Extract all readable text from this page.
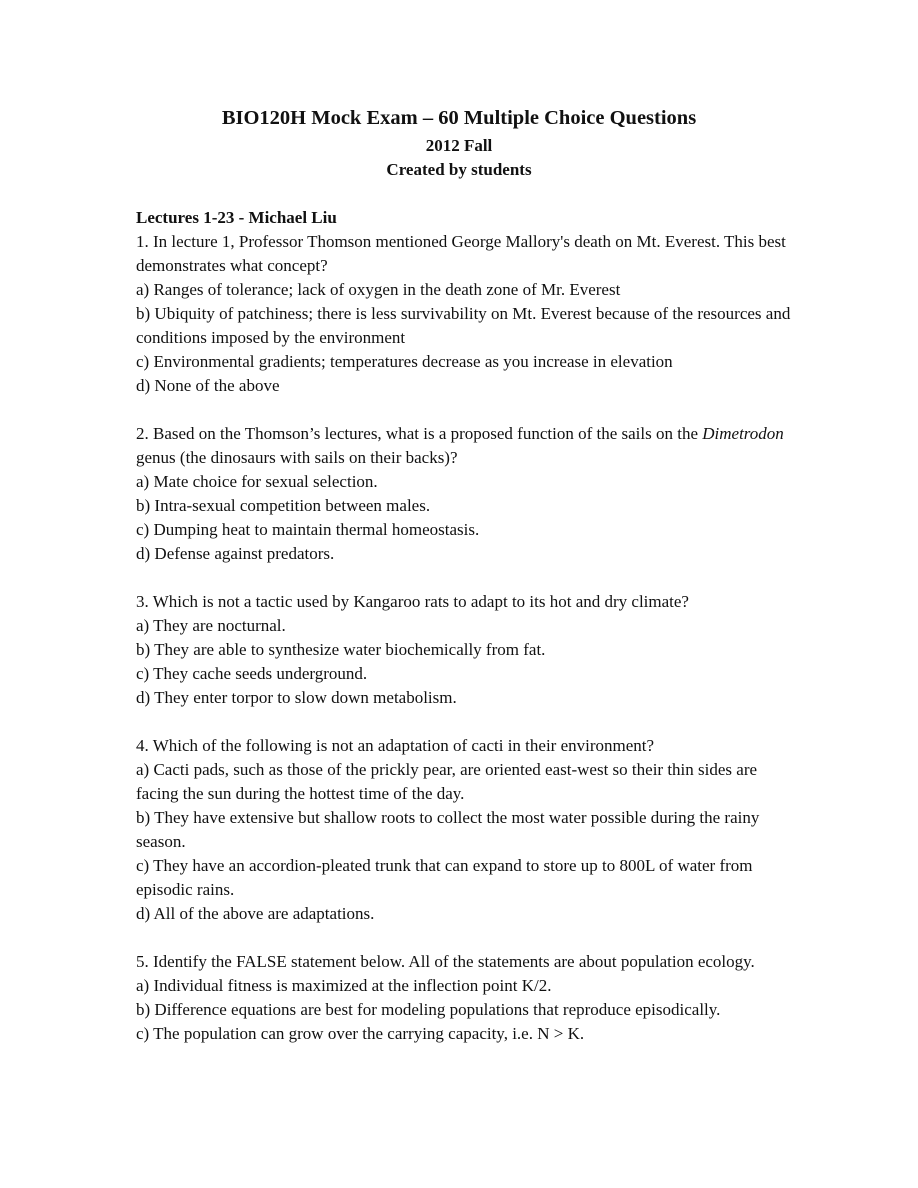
BIO120H Mock Exam – 60 Multiple Choice Questions
2012 Fall
Created by students
Lectures 1-23 - Michael Liu
1. In lecture 1, Professor Thomson mentioned George Mallory's death on Mt. Everest. This best demonstrates what concept?
a) Ranges of tolerance; lack of oxygen in the death zone of Mr. Everest
b) Ubiquity of patchiness; there is less survivability on Mt. Everest because of the resources and conditions imposed by the environment
c) Environmental gradients; temperatures decrease as you increase in elevation
d) None of the above
2. Based on the Thomson’s lectures, what is a proposed function of the sails on the Dimetrodon genus (the dinosaurs with sails on their backs)?
a) Mate choice for sexual selection.
b) Intra-sexual competition between males.
c) Dumping heat to maintain thermal homeostasis.
d) Defense against predators.
3. Which is not a tactic used by Kangaroo rats to adapt to its hot and dry climate?
a) They are nocturnal.
b) They are able to synthesize water biochemically from fat.
c) They cache seeds underground.
d) They enter torpor to slow down metabolism.
4. Which of the following is not an adaptation of cacti in their environment?
a) Cacti pads, such as those of the prickly pear, are oriented east-west so their thin sides are facing the sun during the hottest time of the day.
b) They have extensive but shallow roots to collect the most water possible during the rainy season.
c) They have an accordion-pleated trunk that can expand to store up to 800L of water from episodic rains.
d) All of the above are adaptations.
5. Identify the FALSE statement below. All of the statements are about population ecology.
a) Individual fitness is maximized at the inflection point K/2.
b) Difference equations are best for modeling populations that reproduce episodically.
c) The population can grow over the carrying capacity, i.e. N > K.
